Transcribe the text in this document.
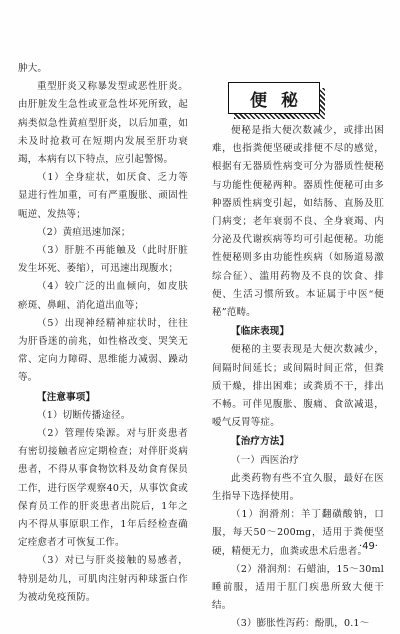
肿大。

重型肝炎又称暴发型或恶性肝炎。由肝脏发生急性或亚急性坏死所致，起病类似急性黄疸型肝炎，以后加重，如未及时抢救可在短期内发展至肝功衰竭，本病有以下特点，应引起警惕。

（1）全身症状，如厌食、乏力等显进行性加重，可有严重腹胀、顽固性呃逆、发热等；

（2）黄疸迅速加深；

（3）肝脏不再能触及（此时肝脏发生坏死、萎缩），可迅速出现腹水；

（4）较广泛的出血倾向，如皮肤瘀斑、鼻衄、消化道出血等；

（5）出现神经精神症状时，往往为肝昏迷的前兆，如性格改变、哭笑无常、定向力障碍、思维能力减弱、躁动等。

【注意事项】

（1）切断传播途径。

（2）管理传染源。对与肝炎患者有密切接触者应定期检查；对伴肝炎病患者，不得从事食物饮料及幼食育保员工作，进行医学观察40天，从事饮食或保育员工作的肝炎患者出院后，1年之内不得从事原职工作，1年后经检查确定痊愈者才可恢复工作。

（3）对已与肝炎接触的易感者，特别是幼儿，可肌肉注射丙种球蛋白作为被动免疫预防。

便秘

便秘是指大便次数减少，或排出困难，也指粪便坚硬或排便不尽的感觉，根据有无器质性病变可分为器质性便秘与功能性便秘两种。器质性便秘可由多种器质性病变引起，如结肠、直肠及肛门病变；老年衰弱不良、全身衰竭、内分泌及代谢疾病等均可引起便秘。功能性便秘则多由功能性疾病（如肠道易激综合征）、滥用药物及不良的饮食、排便、生活习惯所致。本证属于中医“便秘”范畴。

【临床表现】

便秘的主要表现是大便次数减少，间隔时间延长；或间隔时间正常，但粪质干燥，排出困难；或粪质不干，排出不畅。可伴见腹胀、腹痛、食欲减退，嗳气反胃等症。

【治疗方法】

（一）西医治疗

此类药物有些不宜久服，最好在医生指导下选择使用。

（1）润滑剂：羊丁翻磺酸钠，口服，每天50～200mg，适用于粪便坚硬，精便无力，血粪或患术后患者。

（2）滑润剂：石蜡油，15～30ml睡前服，适用于肛门疾患所致大便干结。

（3）膨胀性泻药：酚肌，0.1～

·49·
